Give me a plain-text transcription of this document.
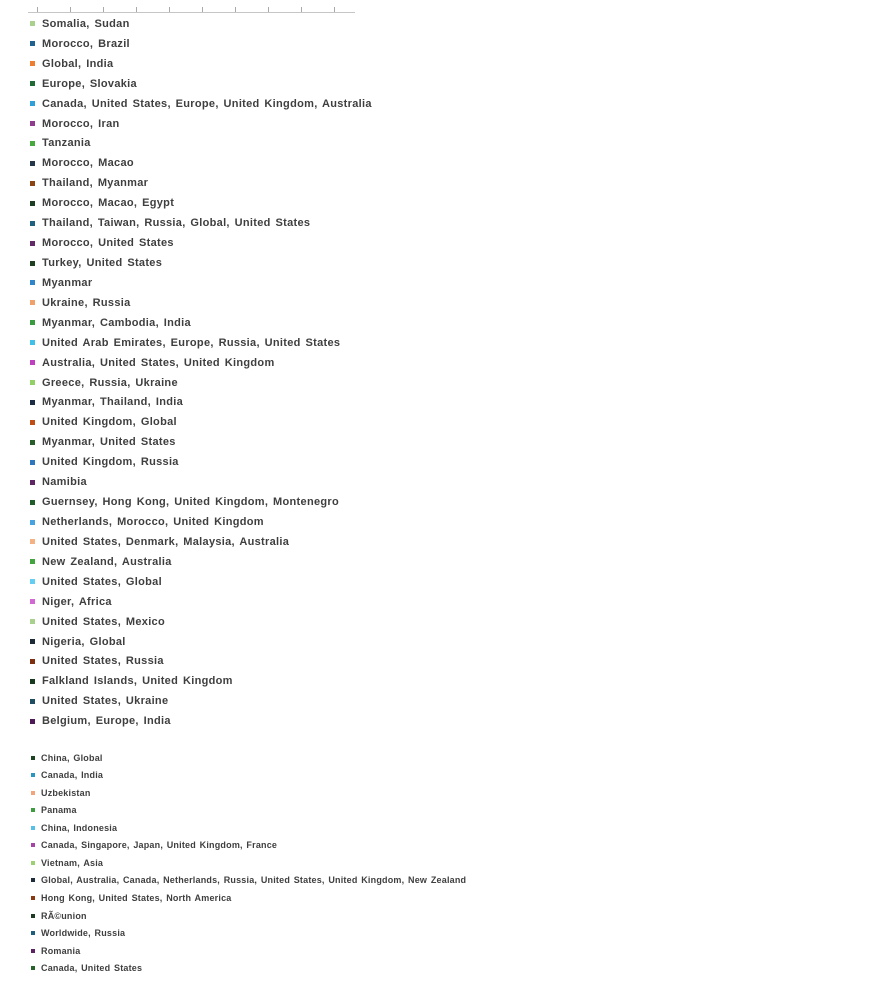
Somalia, Sudan
Morocco, Brazil
Global, India
Europe, Slovakia
Canada, United States, Europe, United Kingdom, Australia
Morocco, Iran
Tanzania
Morocco, Macao
Thailand, Myanmar
Morocco, Macao, Egypt
Thailand, Taiwan, Russia, Global, United States
Morocco, United States
Turkey, United States
Myanmar
Ukraine, Russia
Myanmar, Cambodia, India
United Arab Emirates, Europe, Russia, United States
Australia, United States, United Kingdom
Greece, Russia, Ukraine
Myanmar, Thailand, India
United Kingdom, Global
Myanmar, United States
United Kingdom, Russia
Namibia
Guernsey, Hong Kong, United Kingdom, Montenegro
Netherlands, Morocco, United Kingdom
United States, Denmark, Malaysia, Australia
New Zealand, Australia
United States, Global
Niger, Africa
United States, Mexico
Nigeria, Global
United States, Russia
Falkland Islands, United Kingdom
United States, Ukraine
Belgium, Europe, India
China, Global
Canada, India
Uzbekistan
Panama
China, Indonesia
Canada, Singapore, Japan, United Kingdom, France
Vietnam, Asia
Global, Australia, Canada, Netherlands, Russia, United States, United Kingdom, New Zealand
Hong Kong, United States, North America
RÃ©union
Worldwide, Russia
Romania
Canada, United States
